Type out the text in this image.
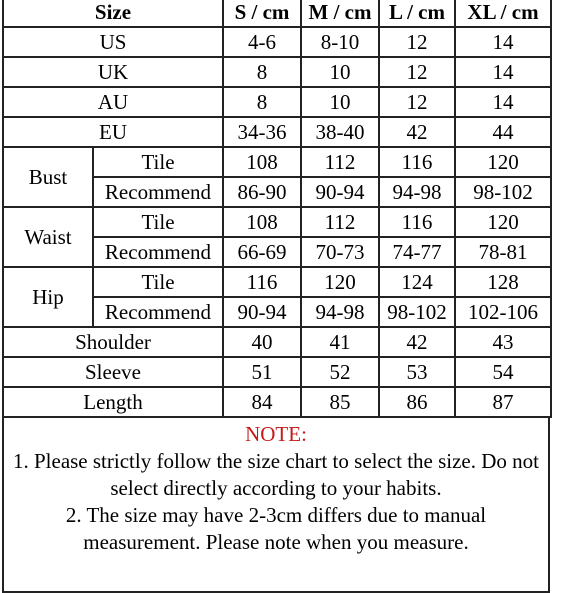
Size		S / cm	M / cm	L / cm	XL / cm
US		4-6	8-10	12	14
UK		8	10	12	14
AU		8	10	12	14
EU		34-36	38-40	42	44
Bust	Tile	108	112	116	120
	Recommend	86-90	90-94	94-98	98-102
Waist	Tile	108	112	116	120
	Recommend	66-69	70-73	74-77	78-81
Hip	Tile	116	120	124	128
	Recommend	90-94	94-98	98-102	102-106
Shoulder		40	41	42	43
Sleeve		51	52	53	54
Length		84	85	86	87
NOTE:
1. Please strictly follow the size chart to select the size. Do not select directly according to your habits.
2. The size may have 2-3cm differs due to manual measurement. Please note when you measure.
